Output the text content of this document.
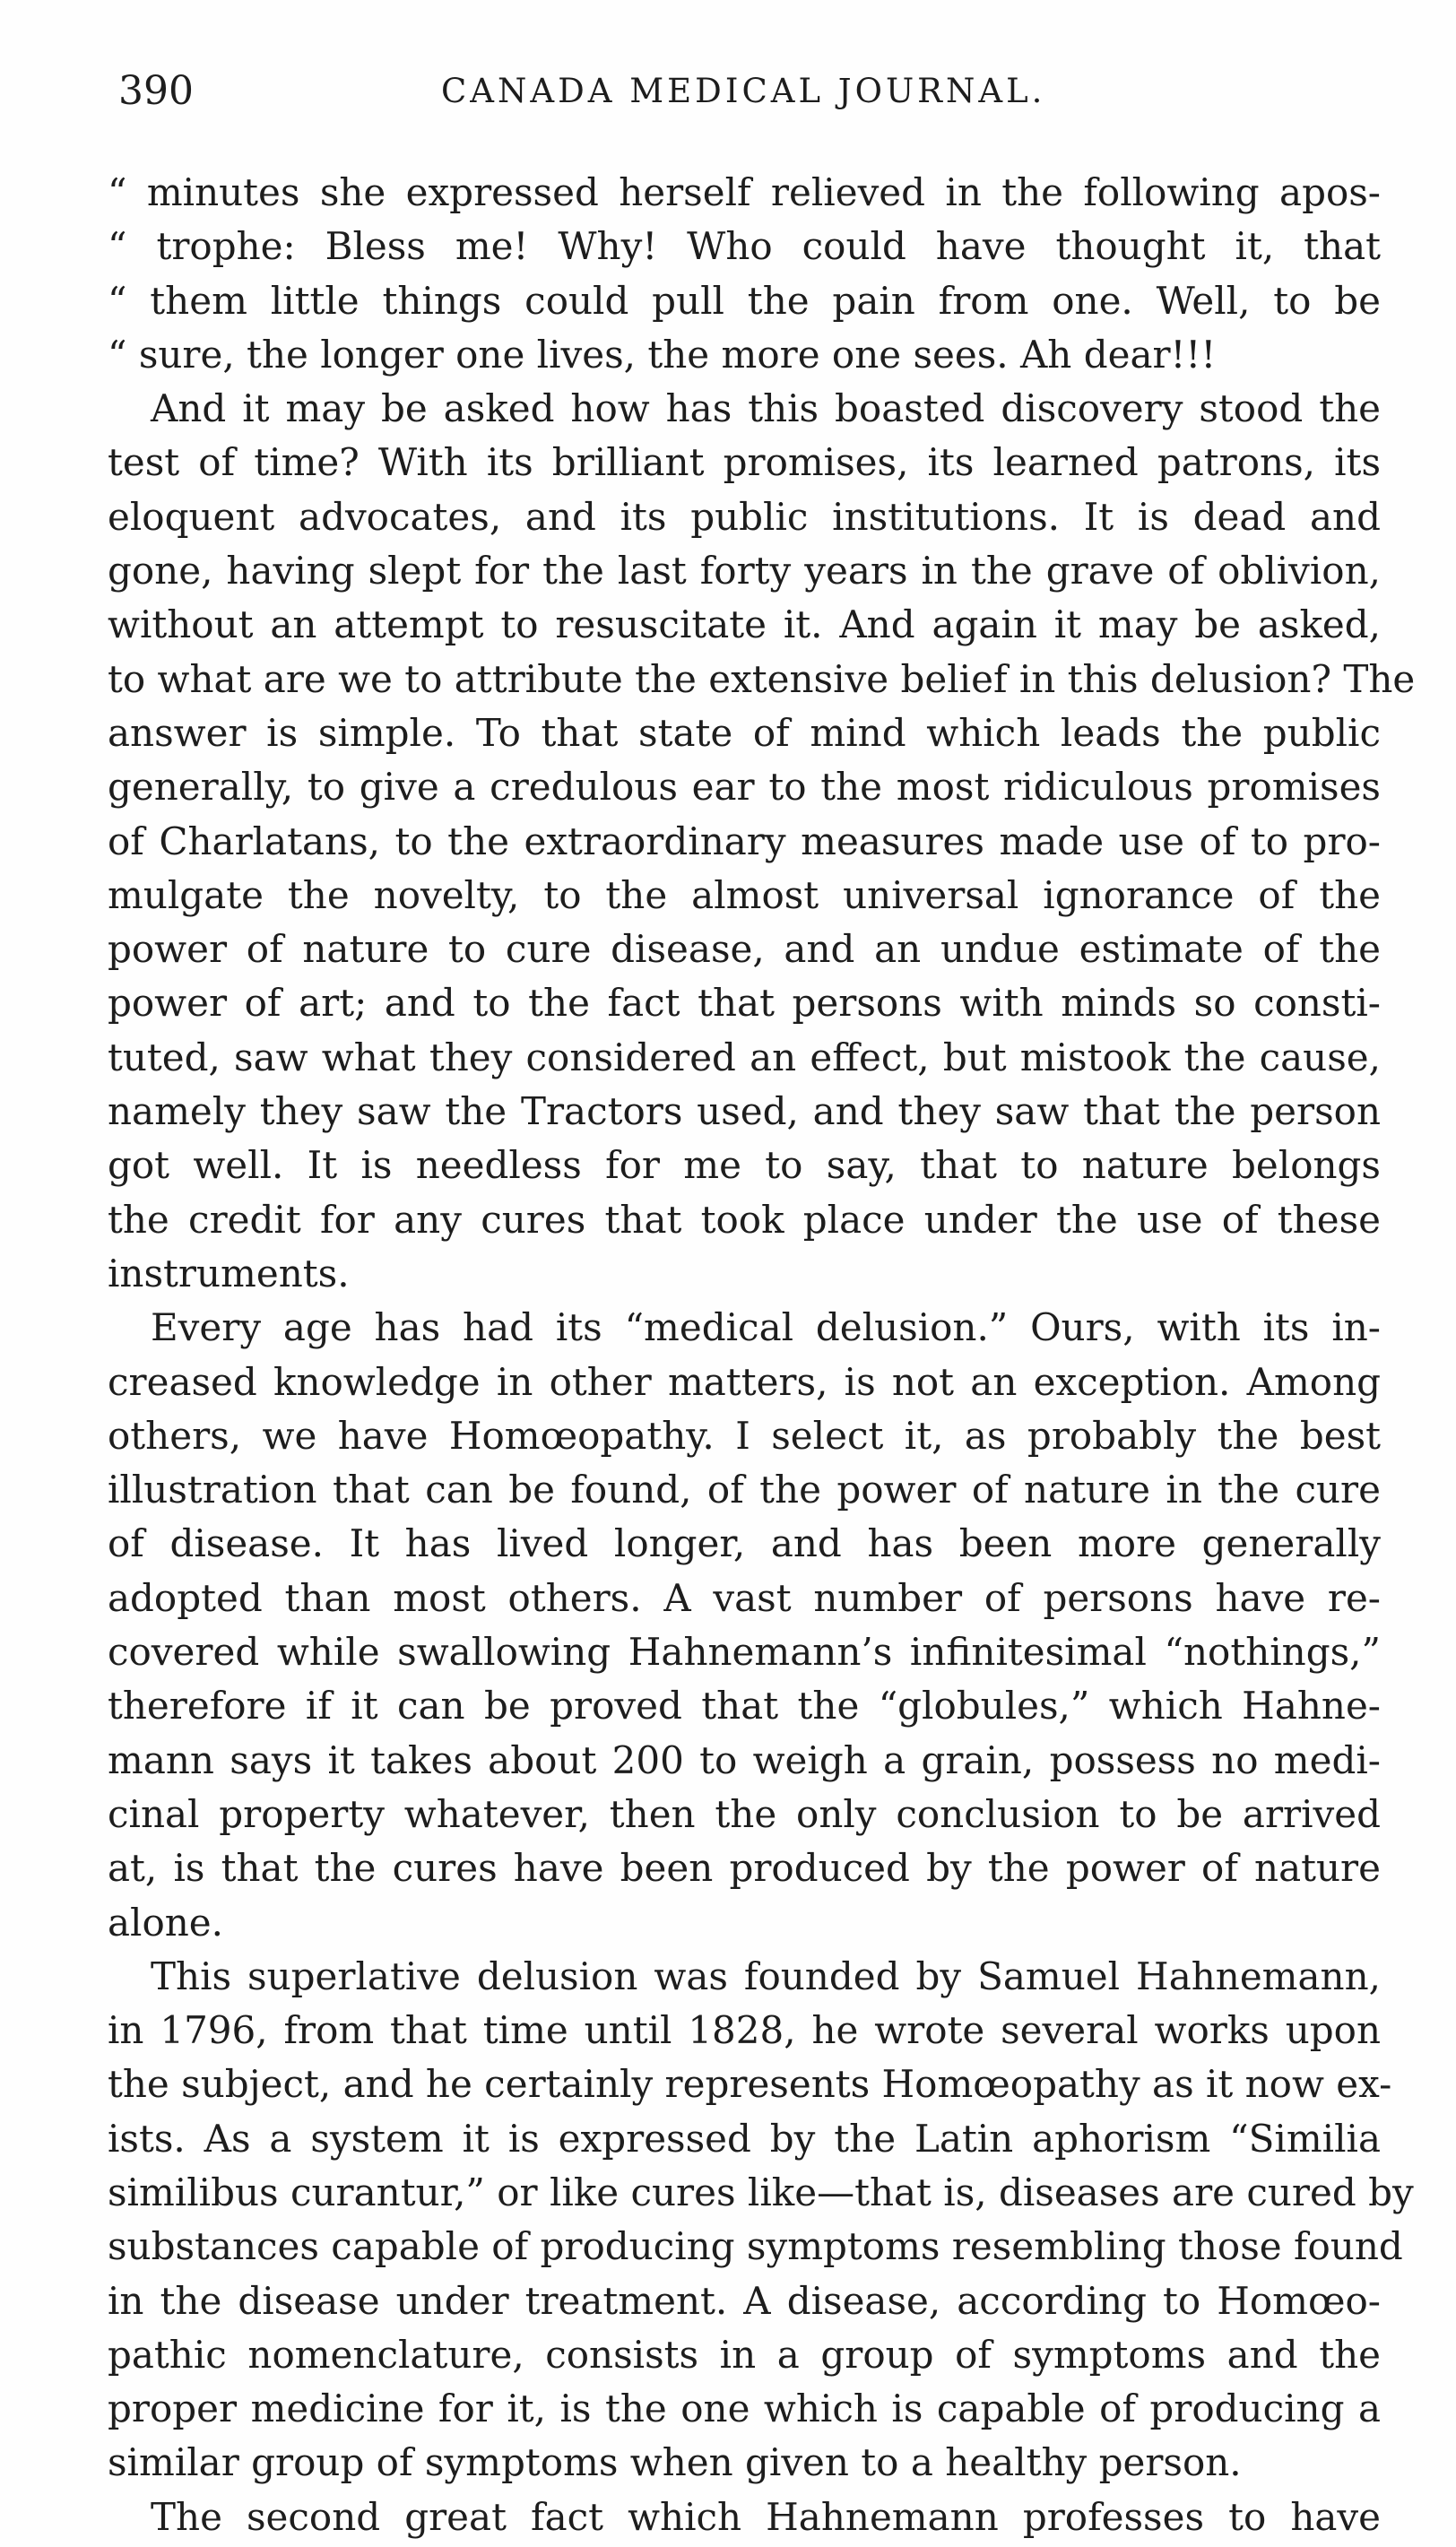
390	CANADA MEDICAL JOURNAL.
“ minutes she expressed herself relieved in the following apos-
“ trophe: Bless me! Why! Who could have thought it, that
“ them little things could pull the pain from one. Well, to be
“ sure, the longer one lives, the more one sees. Ah dear!!!
And it may be asked how has this boasted discovery stood the
test of time? With its brilliant promises, its learned patrons, its
eloquent advocates, and its public institutions. It is dead and
gone, having slept for the last forty years in the grave of oblivion,
without an attempt to resuscitate it. And again it may be asked,
to what are we to attribute the extensive belief in this delusion? The
answer is simple. To that state of mind which leads the public
generally, to give a credulous ear to the most ridiculous promises
of Charlatans, to the extraordinary measures made use of to pro-
mulgate the novelty, to the almost universal ignorance of the
power of nature to cure disease, and an undue estimate of the
power of art; and to the fact that persons with minds so consti-
tuted, saw what they considered an effect, but mistook the cause,
namely they saw the Tractors used, and they saw that the person
got well. It is needless for me to say, that to nature belongs
the credit for any cures that took place under the use of these
instruments.
Every age has had its “medical delusion.” Ours, with its in-
creased knowledge in other matters, is not an exception. Among
others, we have Homœopathy. I select it, as probably the best
illustration that can be found, of the power of nature in the cure
of disease. It has lived longer, and has been more generally
adopted than most others. A vast number of persons have re-
covered while swallowing Hahnemann’s infinitesimal “nothings,”
therefore if it can be proved that the “globules,” which Hahne-
mann says it takes about 200 to weigh a grain, possess no medi-
cinal property whatever, then the only conclusion to be arrived
at, is that the cures have been produced by the power of nature
alone.
This superlative delusion was founded by Samuel Hahnemann,
in 1796, from that time until 1828, he wrote several works upon
the subject, and he certainly represents Homœopathy as it now ex-
ists. As a system it is expressed by the Latin aphorism “Similia
similibus curantur,” or like cures like—that is, diseases are cured by
substances capable of producing symptoms resembling those found
in the disease under treatment. A disease, according to Homœo-
pathic nomenclature, consists in a group of symptoms and the
proper medicine for it, is the one which is capable of producing a
similar group of symptoms when given to a healthy person.
The second great fact which Hahnemann professes to have
